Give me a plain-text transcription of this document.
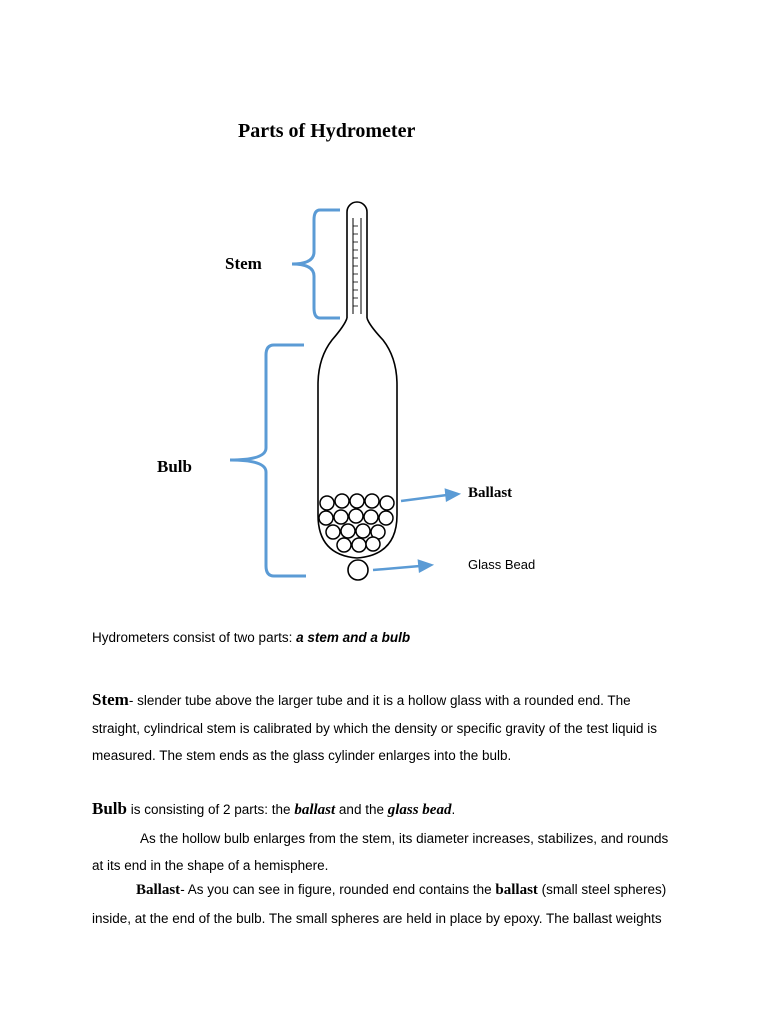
Parts of Hydrometer
Stem
Bulb
Ballast
Glass Bead
Hydrometers consist of two parts: a stem and a bulb
Stem- slender tube above the larger tube and it is a hollow glass with a rounded end. The
straight, cylindrical stem is calibrated by which the density or specific gravity of the test liquid is
measured. The stem ends as the glass cylinder enlarges into the bulb.
Bulb is consisting of 2 parts: the ballast and the glass bead.
As the hollow bulb enlarges from the stem, its diameter increases, stabilizes, and rounds
at its end in the shape of a hemisphere.
Ballast- As you can see in figure, rounded end contains the ballast (small steel spheres)
inside, at the end of the bulb. The small spheres are held in place by epoxy. The ballast weights
